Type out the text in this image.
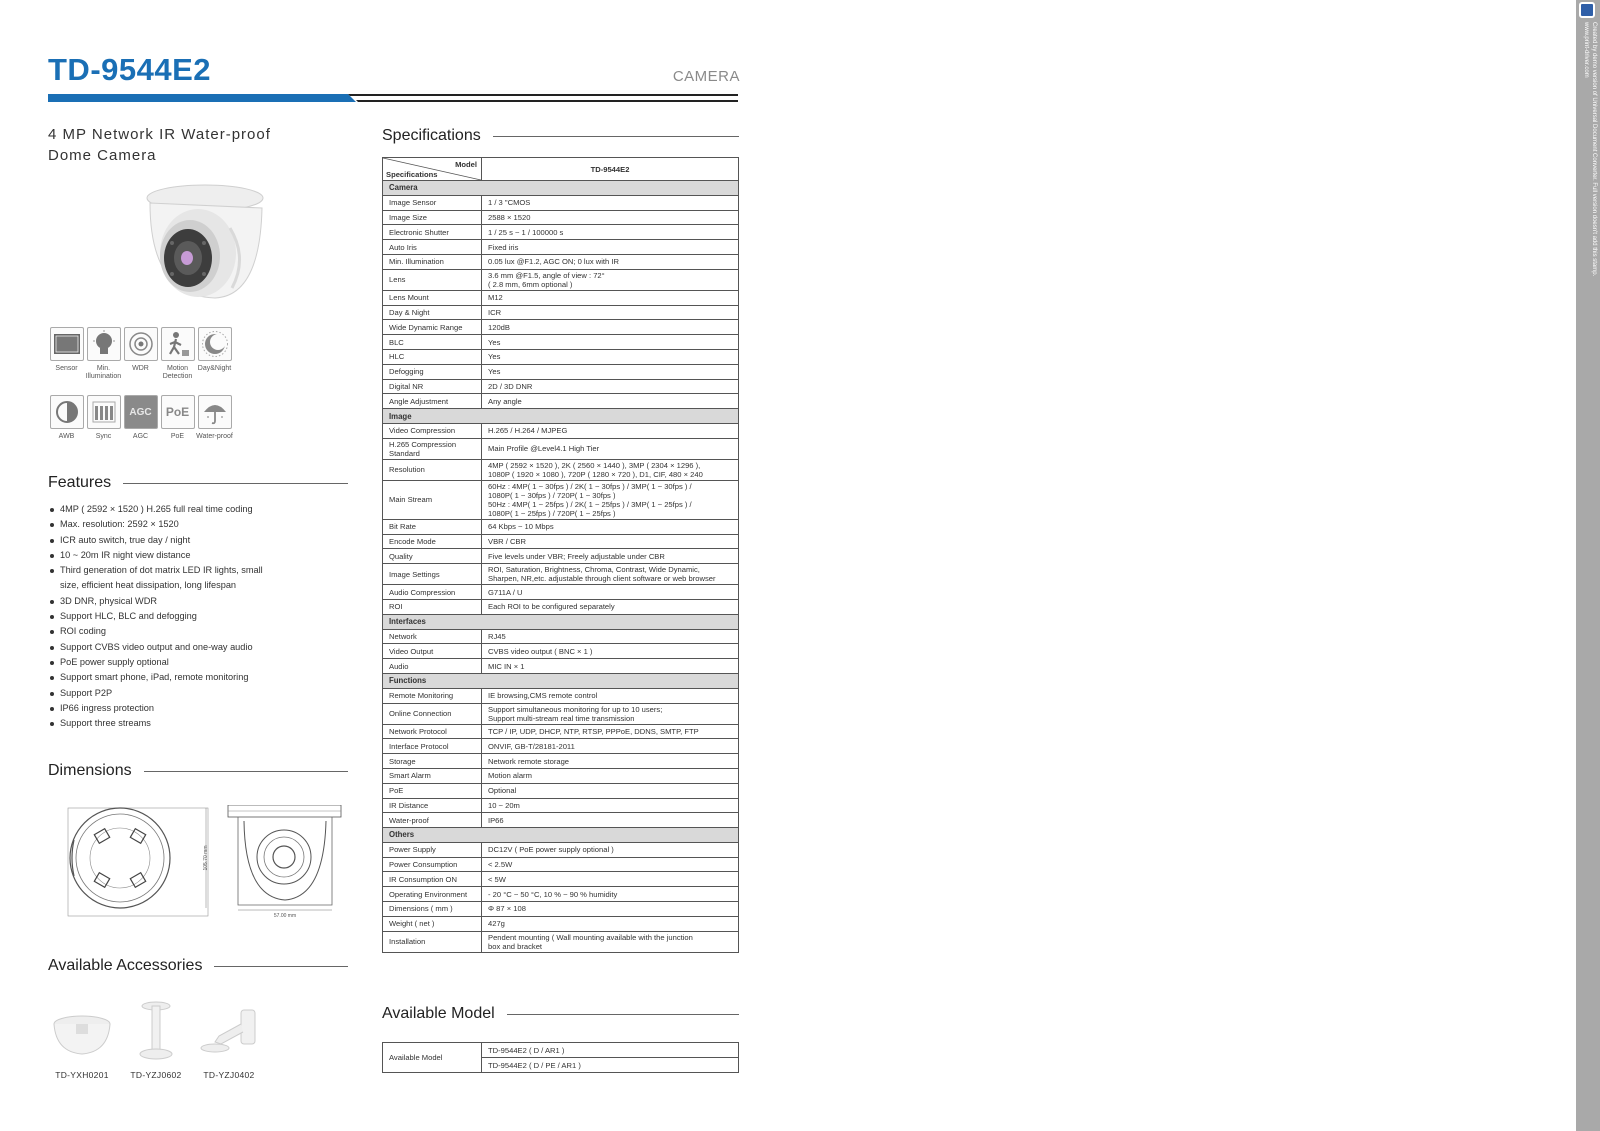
TD-9544E2	CAMERA
4 MP Network IR Water-proof
Dome Camera
Sensor	Min. Illumination
WDR	Motion Detection
Day&Night
AWB	Sync
AGC
AGC
PoE
PoE	Water-proof
Features
4MP ( 2592 × 1520 ) H.265 full real time coding
Max. resolution: 2592 × 1520
ICR auto switch, true day / night
10 ~ 20m IR night view distance
Third generation of dot matrix LED IR lights, small
size, efficient heat dissipation, long lifespan
3D DNR, physical WDR
Support HLC, BLC and defogging
ROI coding
Support CVBS video output and one-way audio
PoE power supply optional
Support smart phone, iPad, remote monitoring
Support P2P
IP66 ingress protection
Support three streams
Dimensions
105.70 mm
57.00 mm
Available Accessories
TD-YXH0201	TD-YZJ0602	TD-YZJ0402
Specifications
Model
Specifications	TD-9544E2
Camera	
Image Sensor	1 / 3 "CMOS
Image Size	2588 × 1520
Electronic Shutter	1 / 25 s ~ 1 / 100000 s
Auto Iris	Fixed iris
Min. Illumination	0.05 lux @F1.2, AGC ON; 0 lux with IR
Lens	3.6 mm @F1.5, angle of view : 72°
( 2.8 mm, 6mm optional )
Lens Mount	M12
Day & Night	ICR
Wide Dynamic Range	120dB
BLC	Yes
HLC	Yes
Defogging	Yes
Digital NR	2D / 3D DNR
Angle Adjustment	Any angle
Image	
Video Compression	H.265 / H.264 / MJPEG
H.265 Compression
Standard	Main Profile @Level4.1 High Tier
Resolution	4MP ( 2592 × 1520 ), 2K ( 2560 × 1440 ), 3MP ( 2304 × 1296 ),
1080P ( 1920 × 1080 ), 720P ( 1280 × 720 ), D1, CIF, 480 × 240
Main Stream	60Hz : 4MP( 1 ~ 30fps ) / 2K( 1 ~ 30fps ) / 3MP( 1 ~ 30fps ) /
1080P( 1 ~ 30fps ) / 720P( 1 ~ 30fps )
50Hz : 4MP( 1 ~ 25fps ) / 2K( 1 ~ 25fps ) / 3MP( 1 ~ 25fps ) /
1080P( 1 ~ 25fps ) / 720P( 1 ~ 25fps )
Bit Rate	64 Kbps ~ 10 Mbps
Encode Mode	VBR / CBR
Quality	Five levels under VBR; Freely adjustable under CBR
Image Settings	ROI, Saturation, Brightness, Chroma, Contrast, Wide Dynamic,
Sharpen, NR,etc. adjustable through client software or web browser
Audio Compression	G711A / U
ROI	Each ROI to be configured separately
Interfaces	
Network	RJ45
Video Output	CVBS video output ( BNC × 1 )
Audio	MIC IN × 1
Functions	
Remote Monitoring	IE browsing,CMS remote control
Online Connection	Support simultaneous monitoring for up to 10 users;
Support multi-stream real time transmission
Network Protocol	TCP / IP, UDP, DHCP, NTP, RTSP, PPPoE, DDNS, SMTP, FTP
Interface Protocol	ONVIF, GB-T/28181-2011
Storage	Network remote storage
Smart Alarm	Motion alarm
PoE	Optional
IR Distance	10 ~ 20m
Water-proof	IP66
Others	
Power Supply	DC12V ( PoE power supply optional )
Power Consumption	< 2.5W
IR Consumption ON	< 5W
Operating Environment	- 20 °C ~ 50 °C, 10 % ~ 90 % humidity
Dimensions ( mm )	Φ 87 × 108
Weight ( net )	427g
Installation	Pendent mounting ( Wall mounting available with the junction
box and bracket
Available Model
Available Model	TD-9544E2 ( D / AR1 )
TD-9544E2 ( D / PE / AR1 )
Created by demo version of Universal Document Converter. Full version doesn't add this stamp.
www.print-driver.com
